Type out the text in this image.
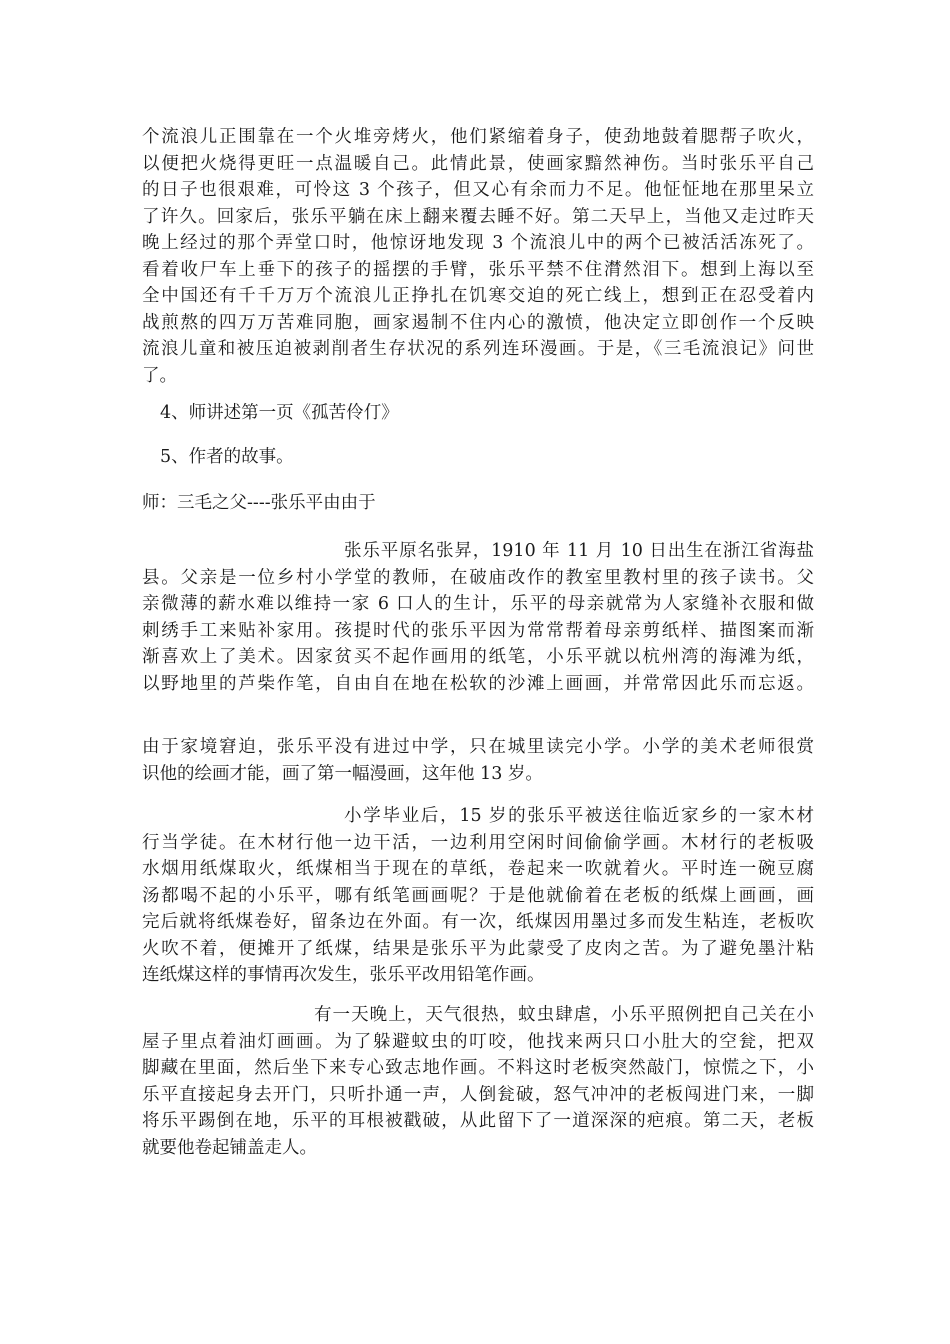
个流浪儿正围靠在一个火堆旁烤火，他们紧缩着身子，使劲地鼓着腮帮子吹火，
以便把火烧得更旺一点温暖自己。此情此景，使画家黯然神伤。当时张乐平自己
的日子也很艰难，可怜这 3 个孩子，但又心有余而力不足。他怔怔地在那里呆立
了许久。回家后，张乐平躺在床上翻来覆去睡不好。第二天早上，当他又走过昨天
晚上经过的那个弄堂口时，他惊讶地发现 3 个流浪儿中的两个已被活活冻死了。
看着收尸车上垂下的孩子的摇摆的手臂，张乐平禁不住潸然泪下。想到上海以至
全中国还有千千万万个流浪儿正挣扎在饥寒交迫的死亡线上，想到正在忍受着内
战煎熬的四万万苦难同胞，画家遏制不住内心的激愤，他决定立即创作一个反映
流浪儿童和被压迫被剥削者生存状况的系列连环漫画。于是，《三毛流浪记》问世
了。
4、师讲述第一页《孤苦伶仃》
5、作者的故事。
师：三毛之父----张乐平由由于
张乐平原名张昇，1910 年 11 月 10 日出生在浙江省海盐
县。父亲是一位乡村小学堂的教师，在破庙改作的教室里教村里的孩子读书。父
亲微薄的薪水难以维持一家 6 口人的生计，乐平的母亲就常为人家缝补衣服和做
刺绣手工来贴补家用。孩提时代的张乐平因为常常帮着母亲剪纸样、描图案而渐
渐喜欢上了美术。因家贫买不起作画用的纸笔，小乐平就以杭州湾的海滩为纸，
以野地里的芦柴作笔，自由自在地在松软的沙滩上画画，并常常因此乐而忘返。
由于家境窘迫，张乐平没有进过中学，只在城里读完小学。小学的美术老师很赏
识他的绘画才能，画了第一幅漫画，这年他 13 岁。
小学毕业后，15 岁的张乐平被送往临近家乡的一家木材
行当学徒。在木材行他一边干活，一边利用空闲时间偷偷学画。木材行的老板吸
水烟用纸煤取火，纸煤相当于现在的草纸，卷起来一吹就着火。平时连一碗豆腐
汤都喝不起的小乐平，哪有纸笔画画呢？于是他就偷着在老板的纸煤上画画，画
完后就将纸煤卷好，留条边在外面。有一次，纸煤因用墨过多而发生粘连，老板吹
火吹不着，便摊开了纸煤，结果是张乐平为此蒙受了皮肉之苦。为了避免墨汁粘
连纸煤这样的事情再次发生，张乐平改用铅笔作画。
有一天晚上，天气很热，蚊虫肆虐，小乐平照例把自己关在小
屋子里点着油灯画画。为了躲避蚊虫的叮咬，他找来两只口小肚大的空瓮，把双
脚藏在里面，然后坐下来专心致志地作画。不料这时老板突然敲门，惊慌之下，小
乐平直接起身去开门，只听扑通一声，人倒瓮破，怒气冲冲的老板闯进门来，一脚
将乐平踢倒在地，乐平的耳根被戳破，从此留下了一道深深的疤痕。第二天，老板
就要他卷起铺盖走人。
